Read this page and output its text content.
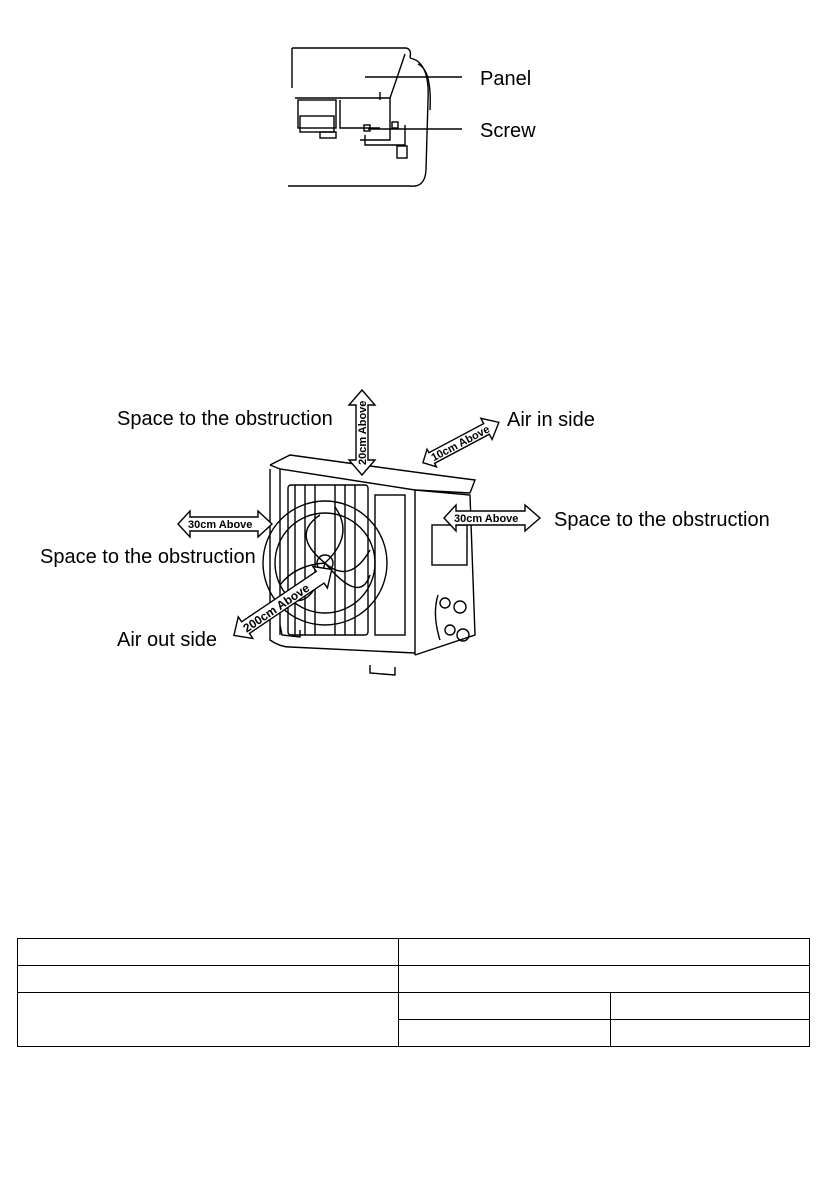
Panel
Screw
20cm Above	10cm Above
30cm Above
30cm Above
200cm Above
Space to the obstruction	Air in side
Space to the obstruction
Space to the obstruction
Air out side
